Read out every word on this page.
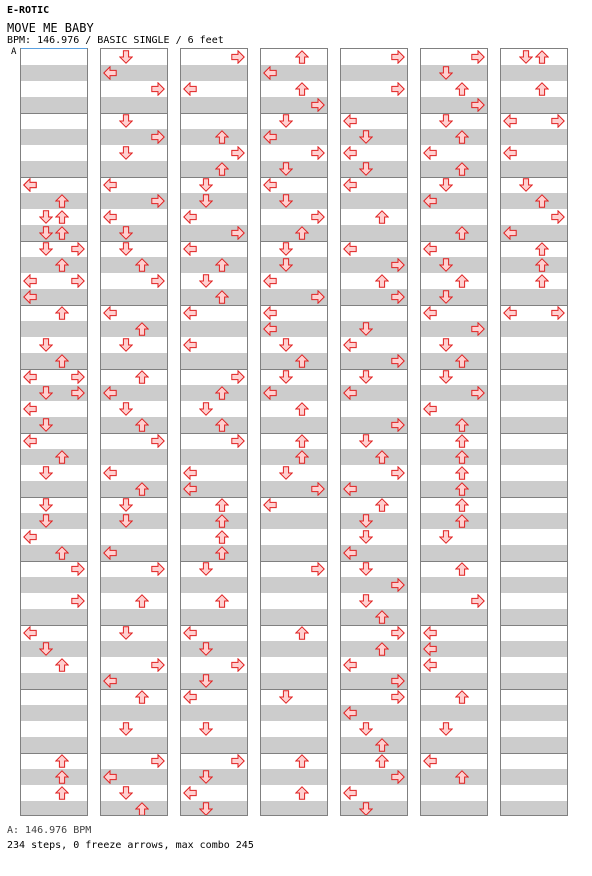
E-ROTIC
MOVE ME BABY
BPM: 146.976 / BASIC SINGLE / 6 feet
A
A: 146.976 BPM
234 steps, 0 freeze arrows, max combo 245
